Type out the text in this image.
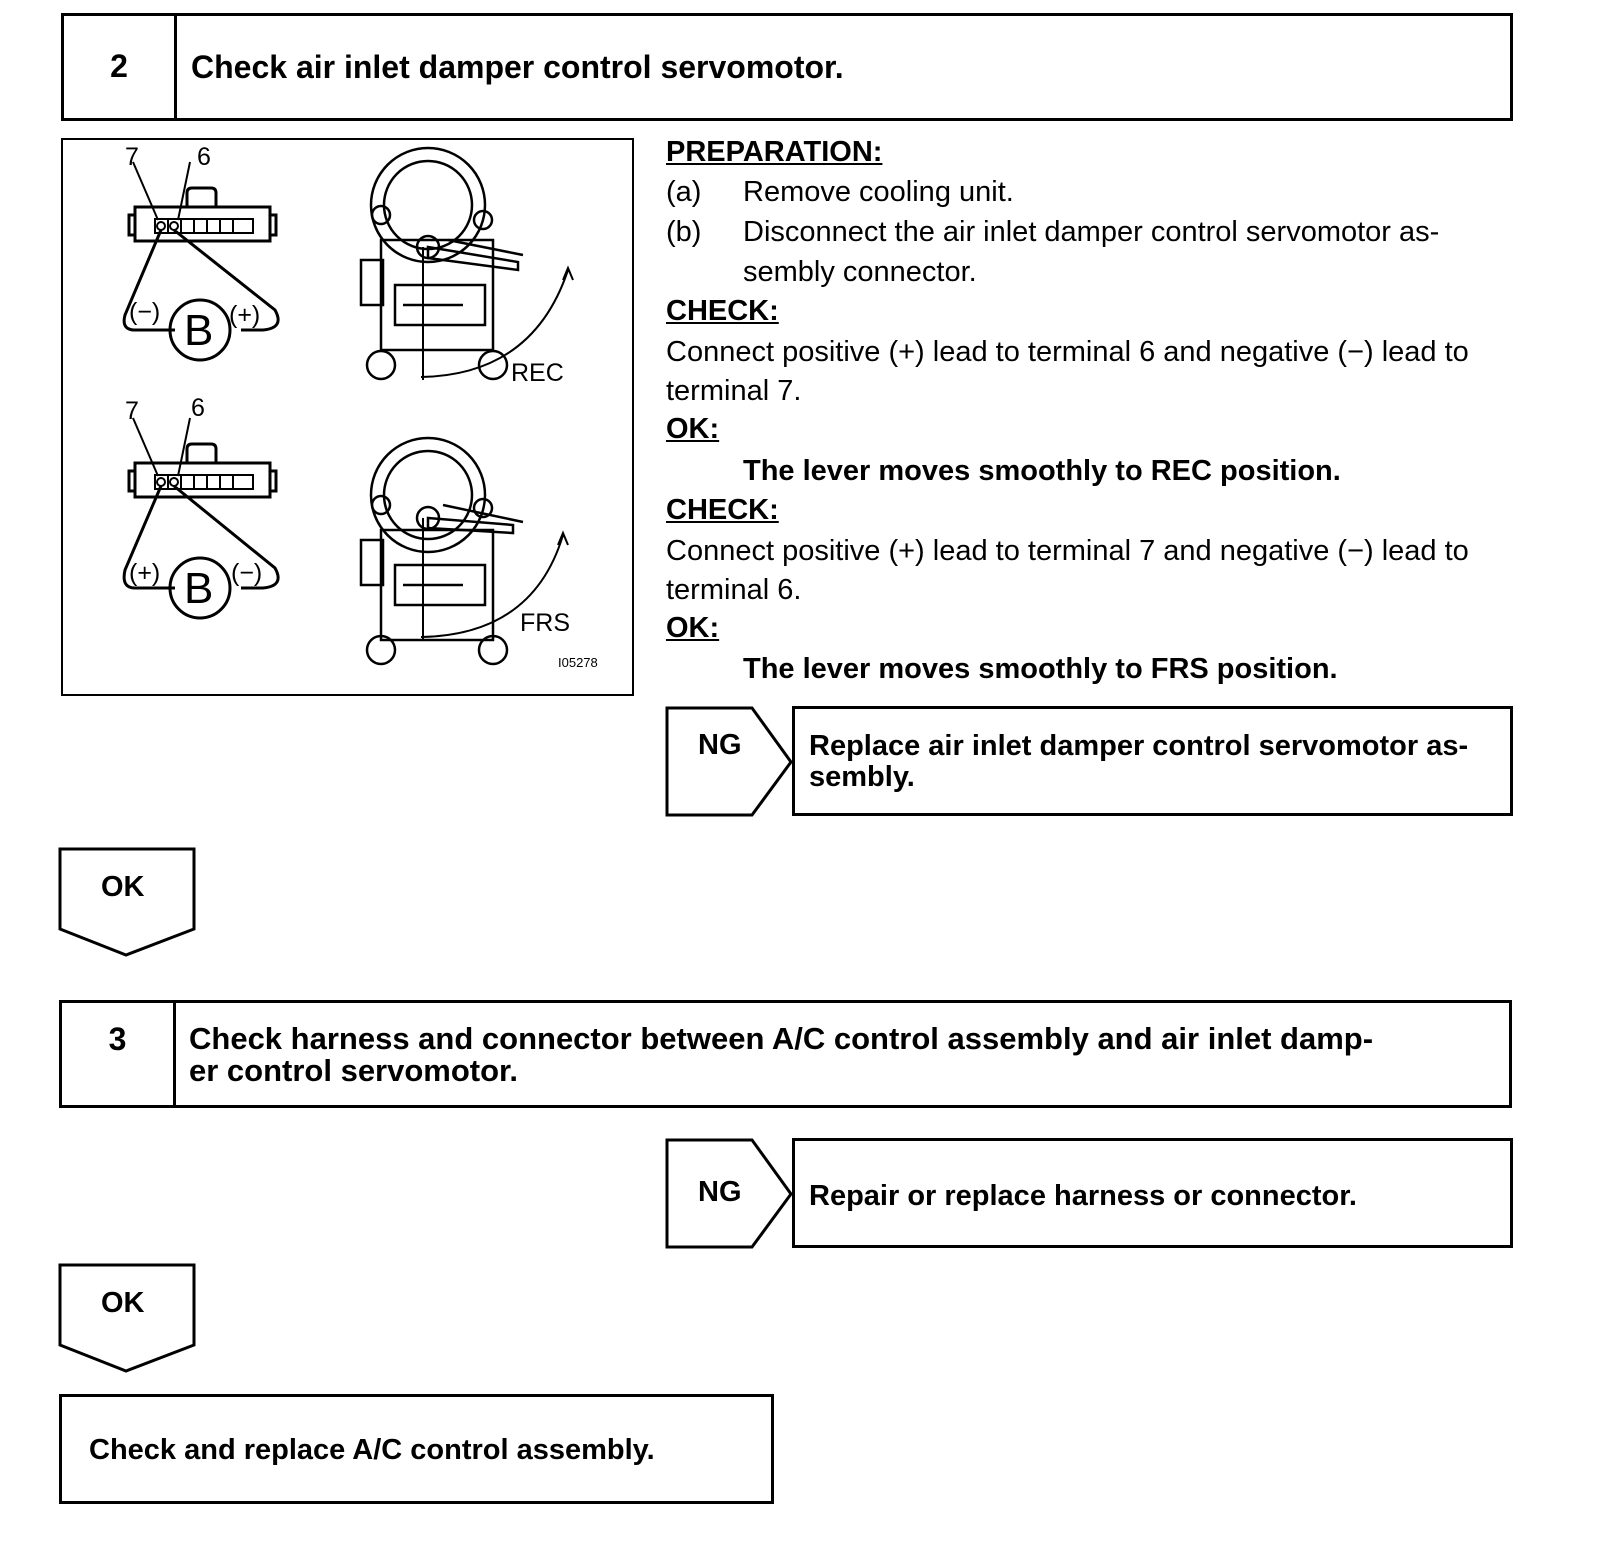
2	Check air inlet damper control servomotor.
7 6
(−)	(+)
7 6
(+)	(−)
REC
FRS
B
B
I05278
PREPARATION:
(a) Remove cooling unit.
(b) Disconnect the air inlet damper control servomotor as-
sembly connector.
CHECK:
Connect positive (+) lead to terminal 6 and negative (−) lead to
terminal 7.
OK:
The lever moves smoothly to REC position.
CHECK:
Connect positive (+) lead to terminal 7 and negative (−) lead to
terminal 6.
OK:
The lever moves smoothly to FRS position.
NG Replace air inlet damper control servomotor as-
sembly.
OK
3	Check harness and connector between A/C control assembly and air inlet damp-
er control servomotor.
NG Repair or replace harness or connector.
OK
Check and replace A/C control assembly.
